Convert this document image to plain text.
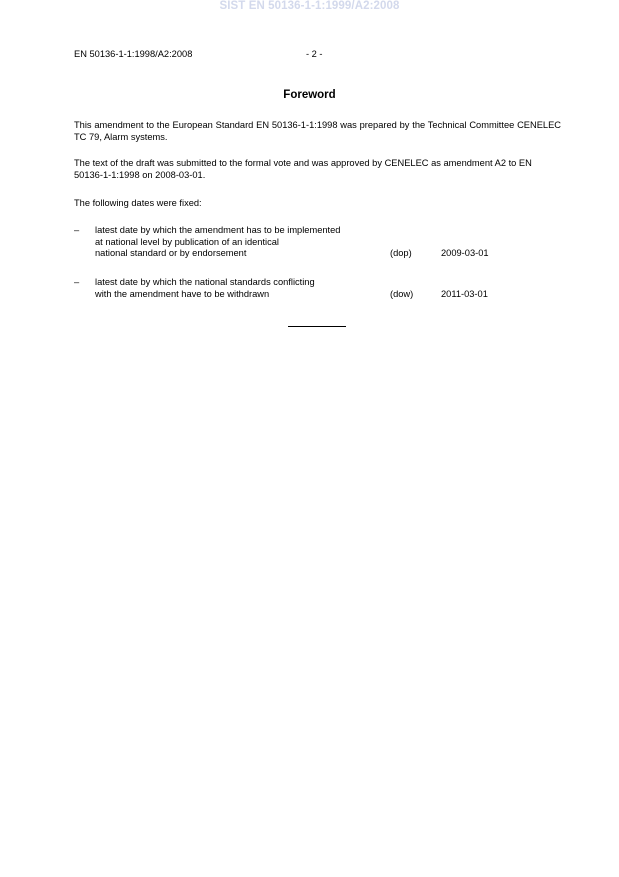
SIST EN 50136-1-1:1999/A2:2008
EN 50136-1-1:1998/A2:2008	- 2 -
Foreword

This amendment to the European Standard EN 50136-1-1:1998 was prepared by the Technical Committee CENELEC TC 79, Alarm systems.

The text of the draft was submitted to the formal vote and was approved by CENELEC as amendment A2 to EN 50136-1-1:1998 on 2008-03-01.

The following dates were fixed:

– latest date by which the amendment has to be implemented
at national level by publication of an identical
national standard or by endorsement	(dop)	2009-03-01
– latest date by which the national standards conflicting
with the amendment have to be withdrawn	(dow)	2011-03-01
